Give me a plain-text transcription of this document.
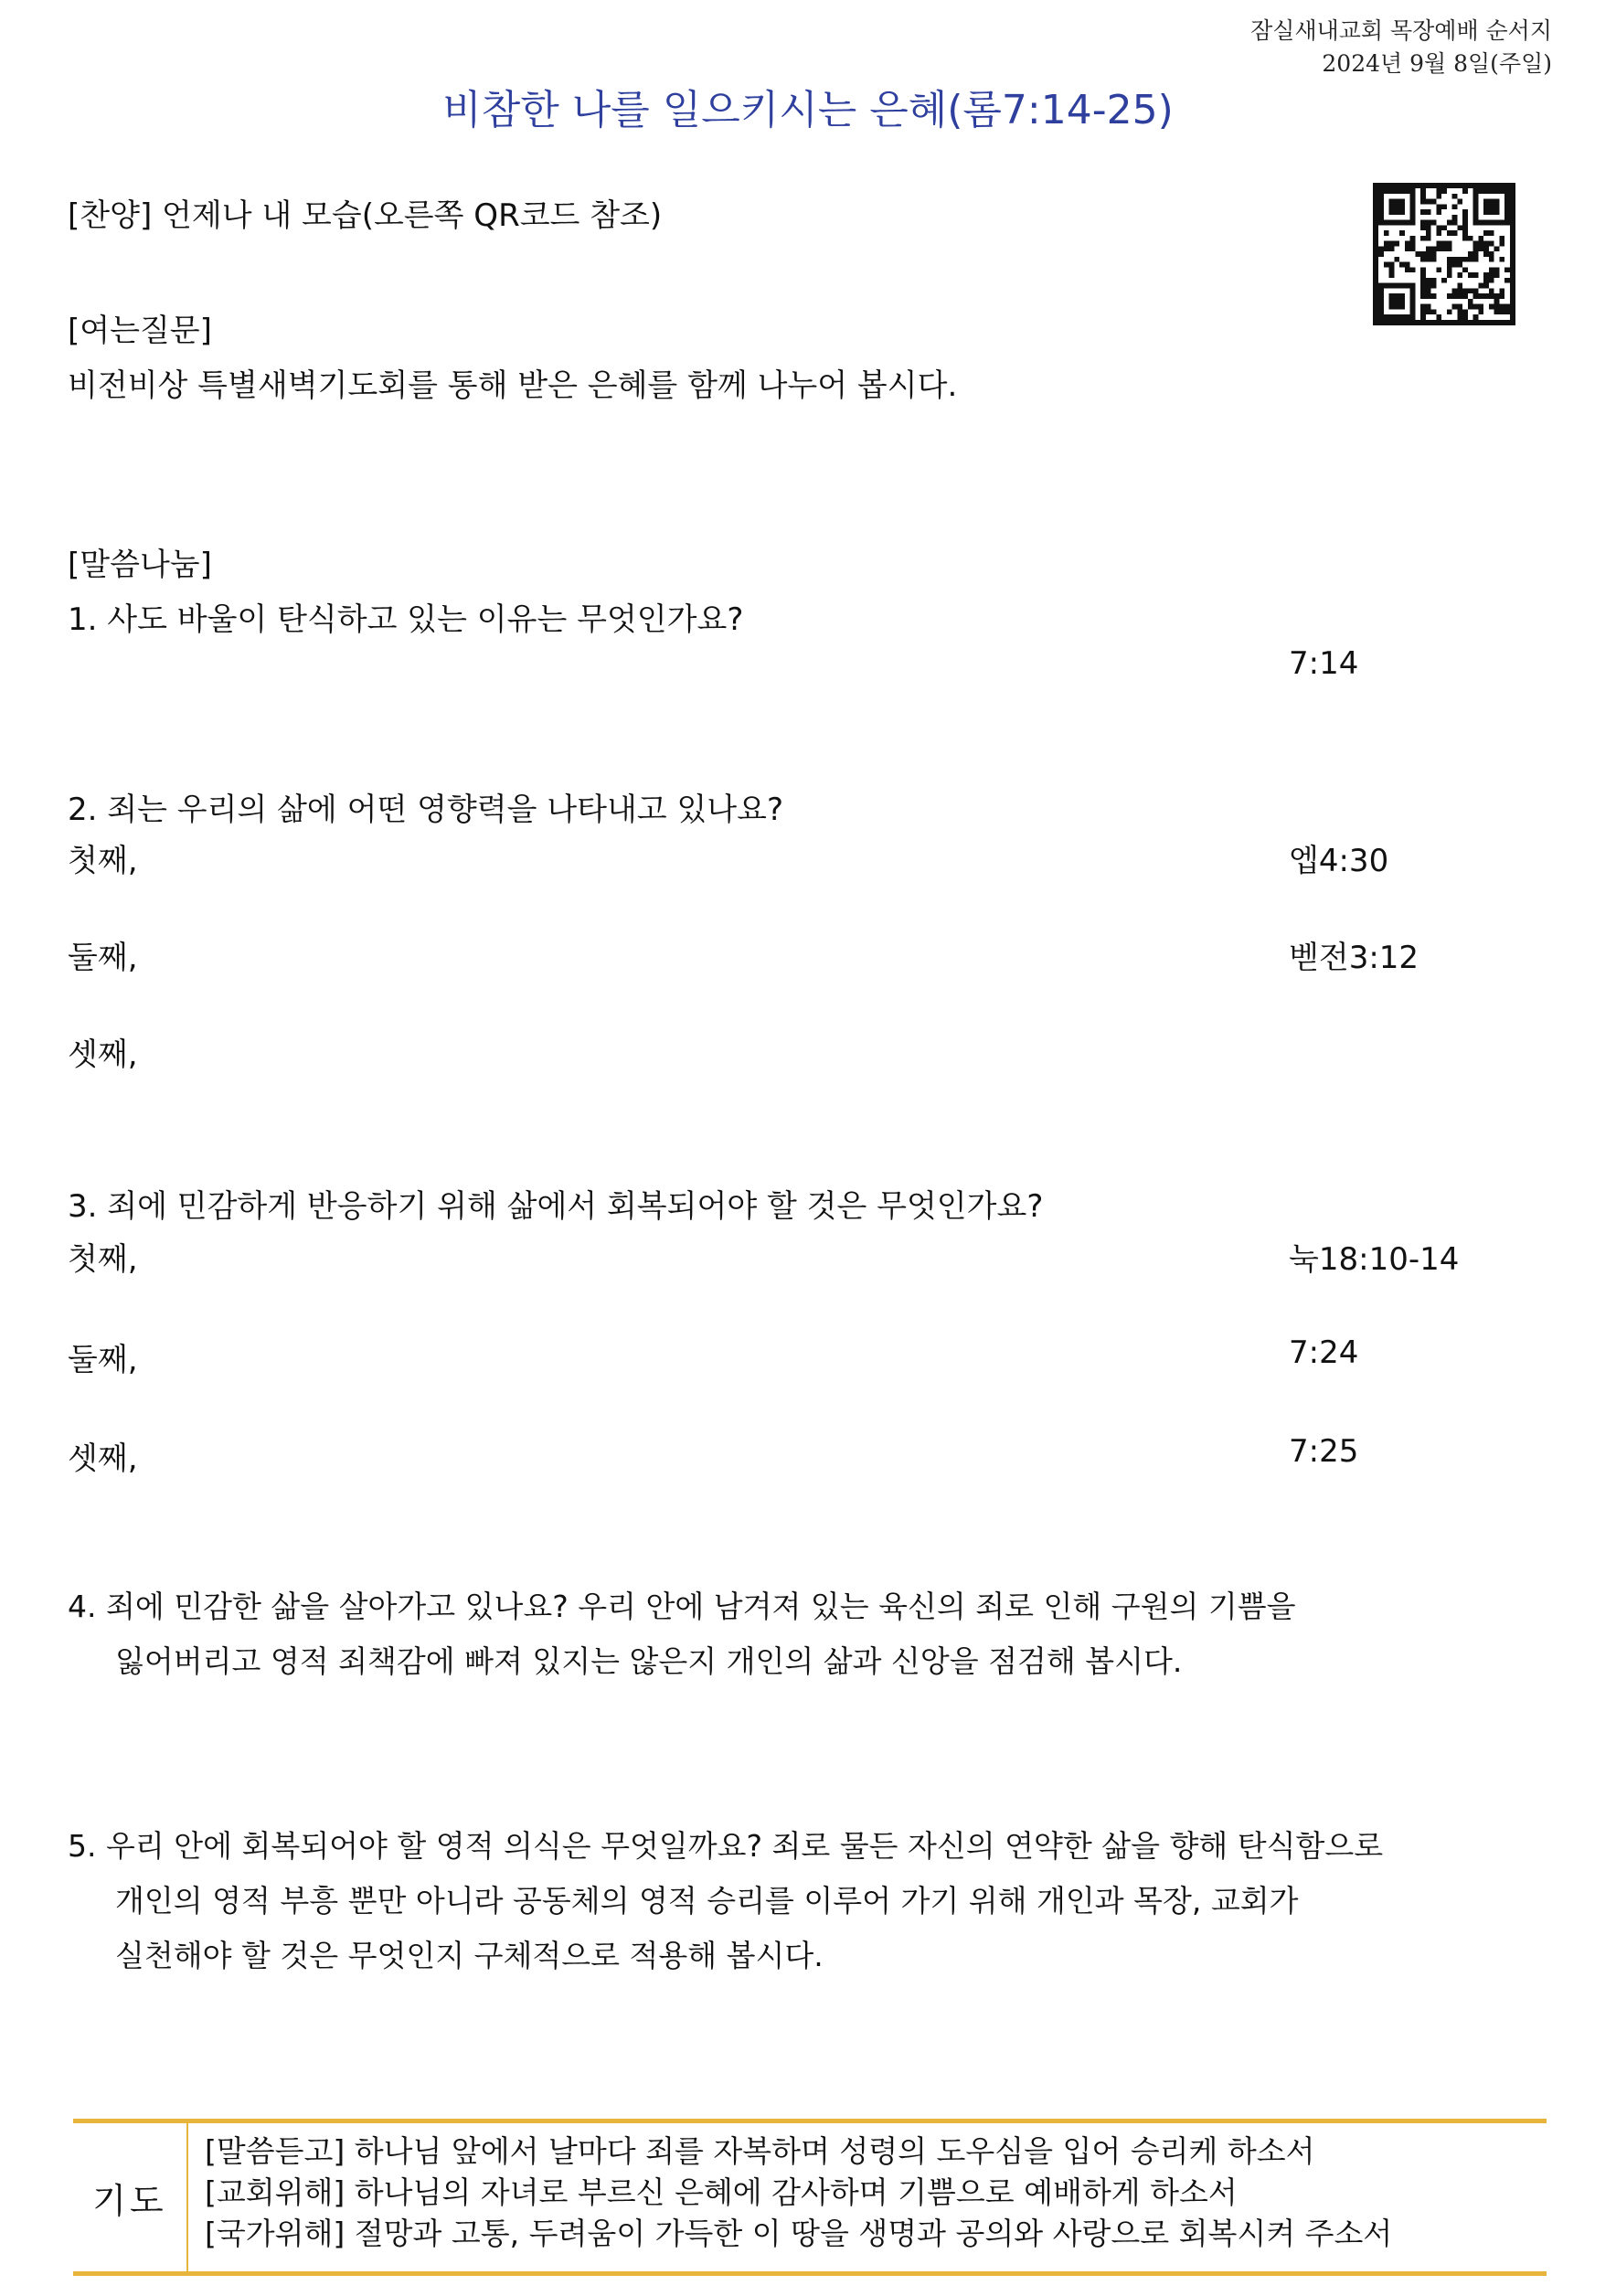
잠실새내교회 목장예배 순서지
2024년 9월 8일(주일)
비참한 나를 일으키시는 은혜(롬7:14-25)
[찬양] 언제나 내 모습(오른쪽 QR코드 참조)
[여는질문]
비전비상 특별새벽기도회를 통해 받은 은혜를 함께 나누어 봅시다.
[말씀나눔]
1. 사도 바울이 탄식하고 있는 이유는 무엇인가요?
7:14
2. 죄는 우리의 삶에 어떤 영향력을 나타내고 있나요?
첫째,	엡4:30
둘째,	벧전3:12
셋째,
3. 죄에 민감하게 반응하기 위해 삶에서 회복되어야 할 것은 무엇인가요?
첫째,	눅18:10-14
둘째,	7:24
셋째,	7:25
4. 죄에 민감한 삶을 살아가고 있나요? 우리 안에 남겨져 있는 육신의 죄로 인해 구원의 기쁨을
잃어버리고 영적 죄책감에 빠져 있지는 않은지 개인의 삶과 신앙을 점검해 봅시다.
5. 우리 안에 회복되어야 할 영적 의식은 무엇일까요? 죄로 물든 자신의 연약한 삶을 향해 탄식함으로
개인의 영적 부흥 뿐만 아니라 공동체의 영적 승리를 이루어 가기 위해 개인과 목장, 교회가
실천해야 할 것은 무엇인지 구체적으로 적용해 봅시다.
기도
[말씀듣고] 하나님 앞에서 날마다 죄를 자복하며 성령의 도우심을 입어 승리케 하소서
[교회위해] 하나님의 자녀로 부르신 은혜에 감사하며 기쁨으로 예배하게 하소서
[국가위해] 절망과 고통, 두려움이 가득한 이 땅을 생명과 공의와 사랑으로 회복시켜 주소서
